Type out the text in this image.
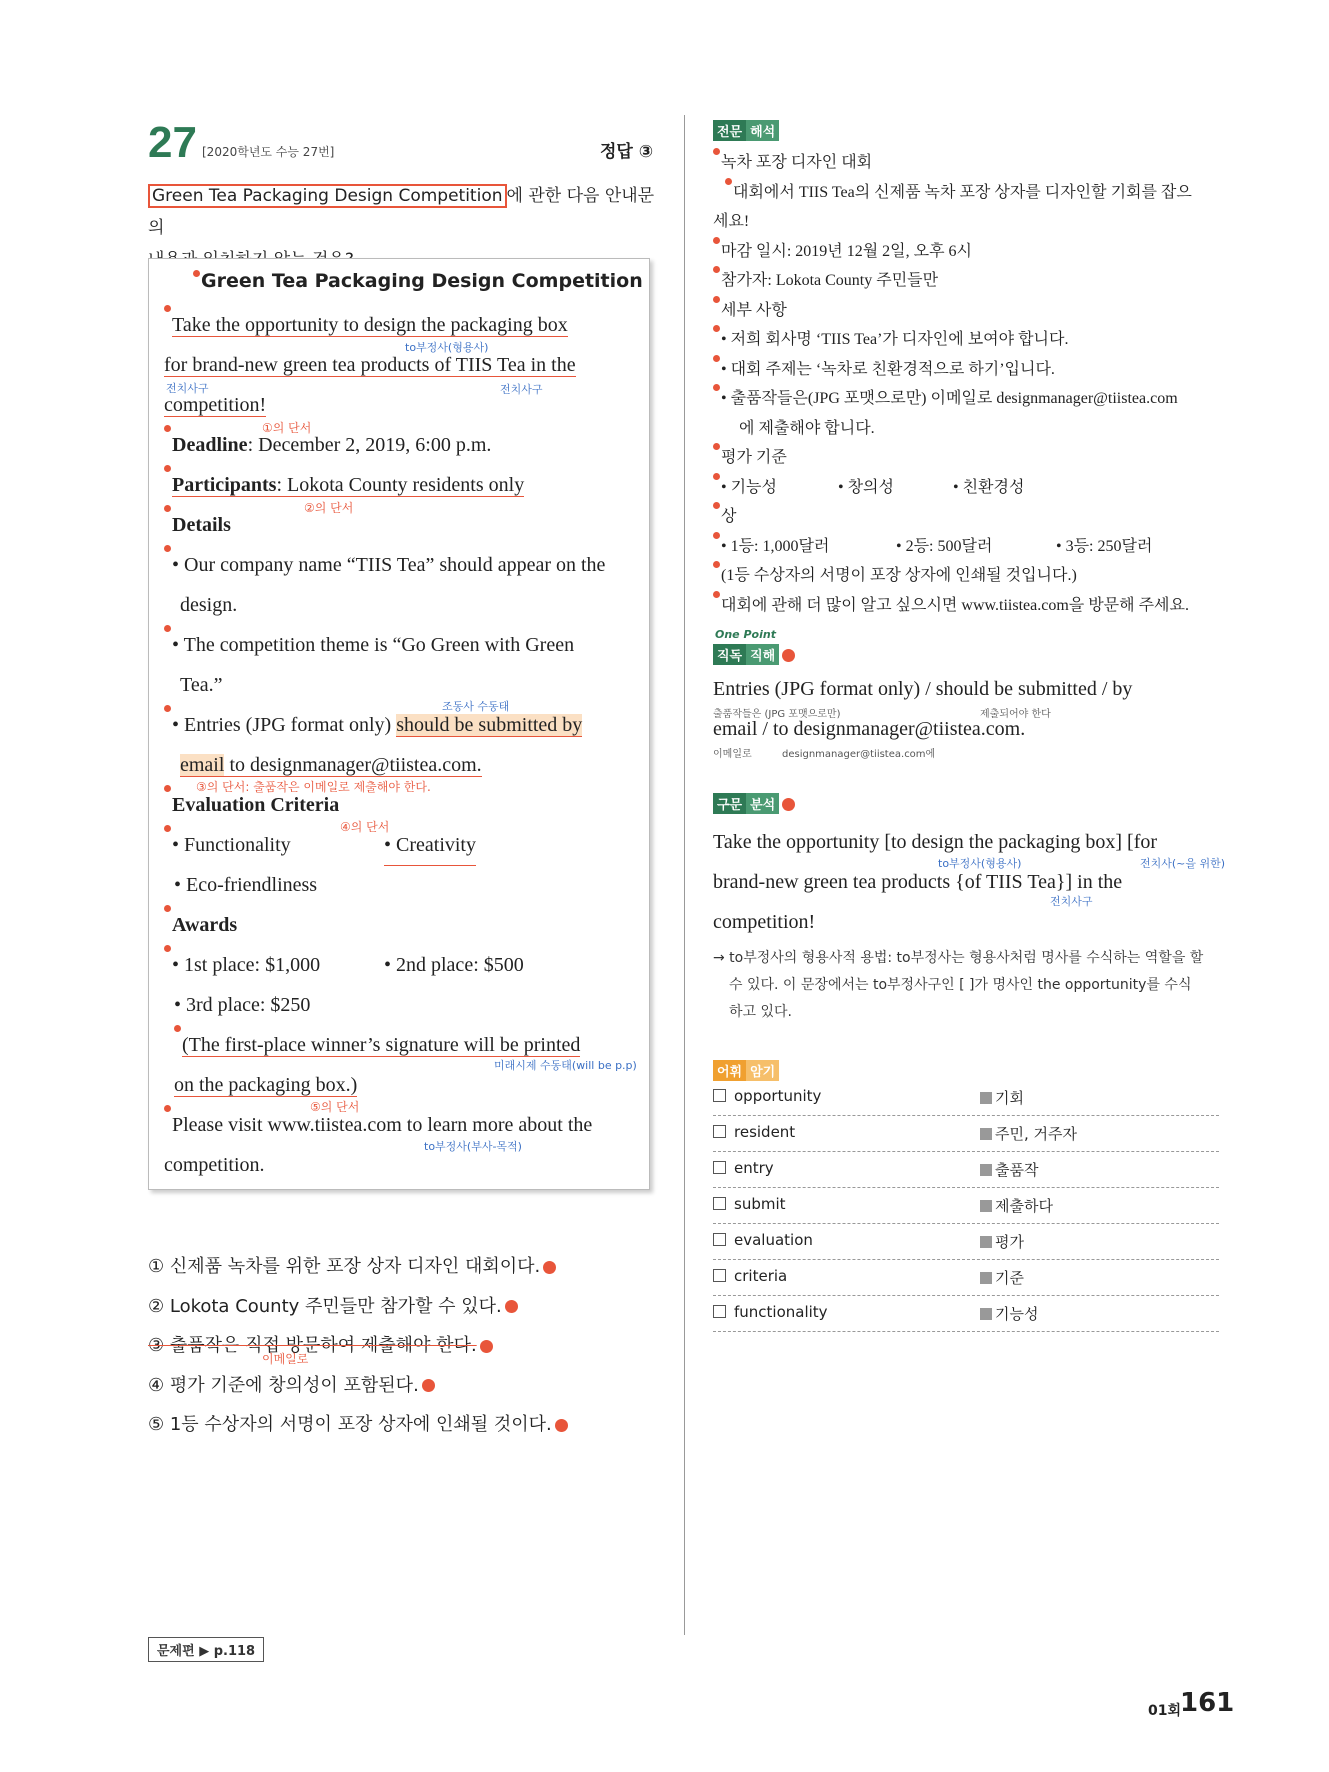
27 [2020학년도 수능 27번]	정답 ③
Green Tea Packaging Design Competition 에 관한 다음 안내문의

Green Tea Packaging Design Competition
Take the opportunity to design the packaging box
for brand-new green tea products of TIIS Tea in the
competition!
Deadline: December 2, 2019, 6:00 p.m.
Participants: Lokota County residents only
Details
• Our company name “TIIS Tea” should appear on the
design.
• The competition theme is “Go Green with Green
Tea.”
• Entries (JPG format only) should be submitted by
email to designmanager@tiistea.com.
Evaluation Criteria
• Functionality	• Creativity
• Eco-friendliness
Awards
• 1st place: $1,000	• 2nd place: $500
• 3rd place: $250
(The first-place winner’s signature will be printed
on the packaging box.)
Please visit www.tiistea.com to learn more about the
competition.
to부정사(형용사)
전치사구	전치사구
①의 단서
②의 단서
조동사 수동태
③의 단서: 출품작은 이메일로 제출해야 한다.
④의 단서
미래시제 수동태(will be p.p)
⑤의 단서
to부정사(부사-목적)
① 신제품 녹차를 위한 포장 상자 디자인 대회이다.
② Lokota County 주민들만 참가할 수 있다.
③ 출품작은 직접 방문하여 제출해야 한다.
④ 평가 기준에 창의성이 포함된다.
⑤ 1등 수상자의 서명이 포장 상자에 인쇄될 것이다.
이메일로
문제편 ▶ p.118
전문 해석
녹차 포장 디자인 대회
대회에서 TIIS Tea의 신제품 녹차 포장 상자를 디자인할 기회를 잡으
세요!
마감 일시: 2019년 12월 2일, 오후 6시
참가자: Lokota County 주민들만
세부 사항
• 저희 회사명 ‘TIIS Tea’가 디자인에 보여야 합니다.
• 대회 주제는 ‘녹차로 친환경적으로 하기’입니다.
• 출품작들은(JPG 포맷으로만) 이메일로 designmanager@tiistea.com
에 제출해야 합니다.
평가 기준
• 기능성	• 창의성	• 친환경성
상
• 1등: 1,000달러	• 2등: 500달러	• 3등: 250달러
(1등 수상자의 서명이 포장 상자에 인쇄될 것입니다.)
대회에 관해 더 많이 알고 싶으시면 www.tiistea.com을 방문해 주세요.
One Point
직독 직해
Entries (JPG format only) / should be submitted / by
출품작들은 (JPG 포맷으로만)	제출되어야 한다
email / to designmanager@tiistea.com.
이메일로	designmanager@tiistea.com에
구문 분석
Take the opportunity [to design the packaging box] [for
brand-new green tea products {of TIIS Tea}] in the
competition!
to부정사(형용사)	전치사(~을 위한)
전치사구
→ to부정사의 형용사적 용법: to부정사는 형용사처럼 명사를 수식하는 역할을 할
수 있다. 이 문장에서는 to부정사구인 [ ]가 명사인 the opportunity를 수식
하고 있다.
어휘 암기
opportunity	기회
resident	주민, 거주자
entry	출품작
submit	제출하다
evaluation	평가
criteria	기준
functionality	기능성
01회
161
